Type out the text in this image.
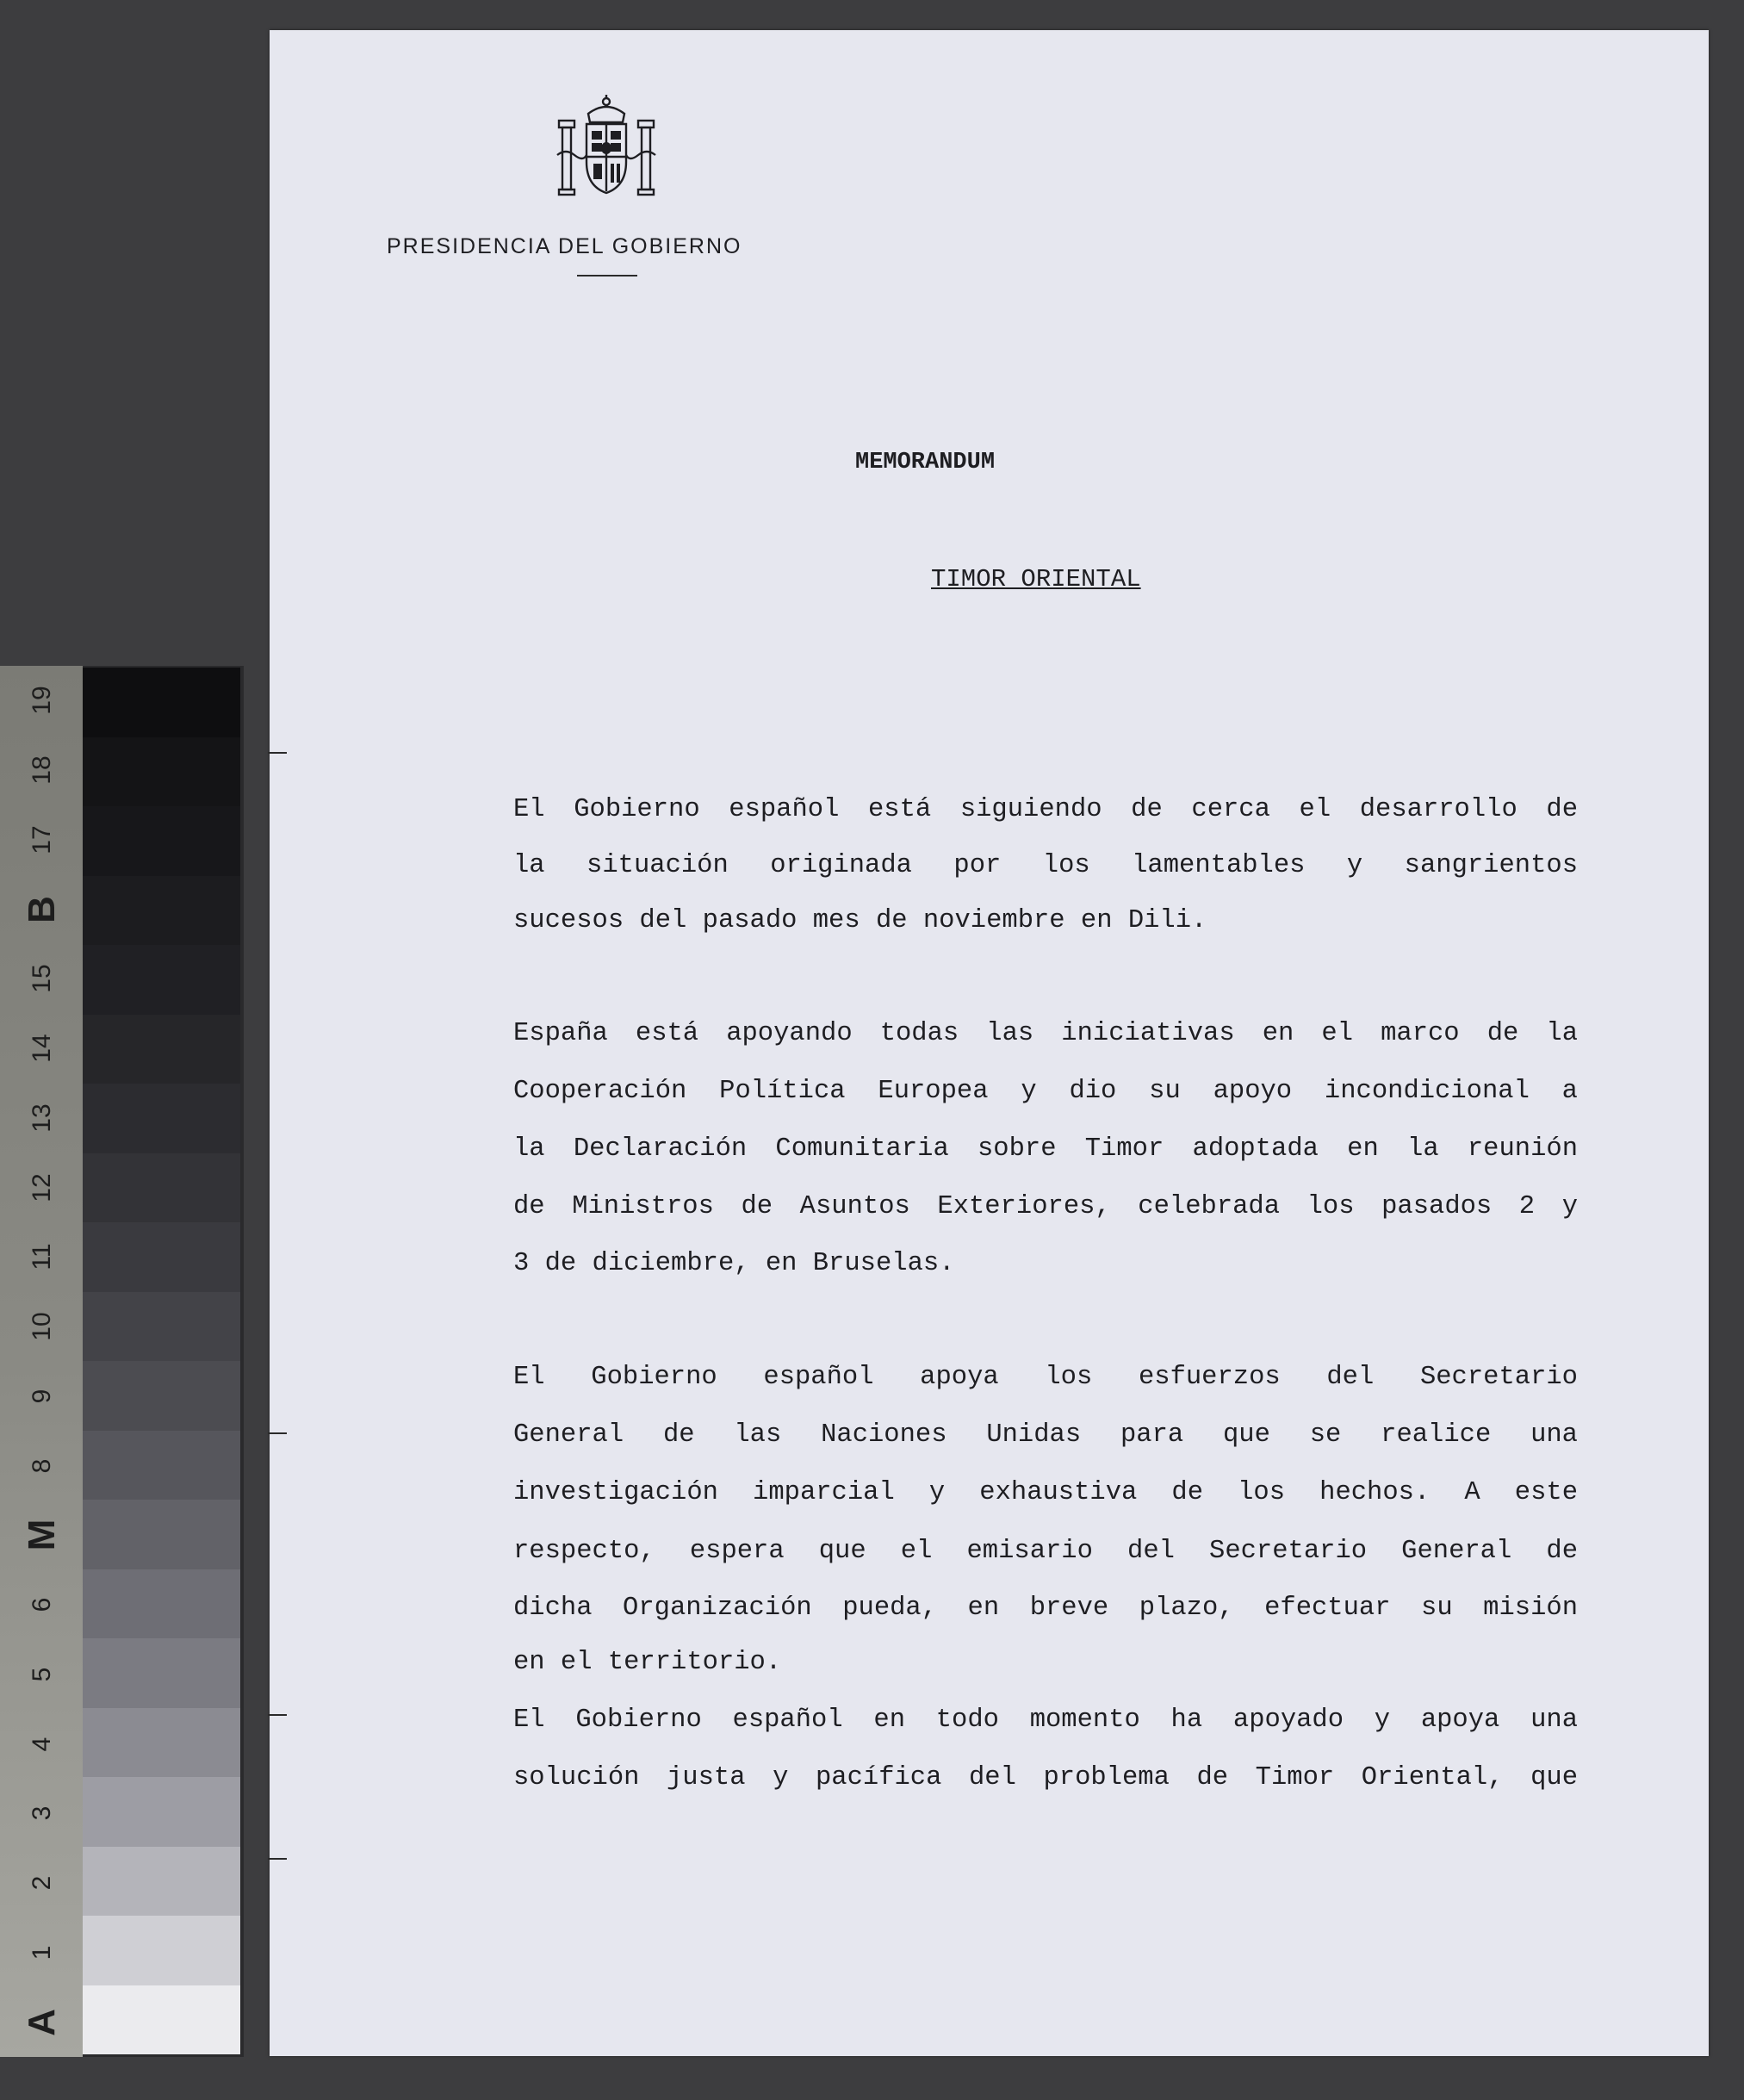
19
18
17
B
15
14
13
12
11
10
9
8
M
6
5
4
3
2
1
A
PRESIDENCIA DEL GOBIERNO
MEMORANDUM
TIMOR ORIENTAL
El Gobierno español está siguiendo de cerca el desarrollo de
la situación originada por los lamentables y sangrientos
sucesos del pasado mes de noviembre en Dili.
España está apoyando todas las iniciativas en el marco de la
Cooperación Política Europea y dio su apoyo incondicional a
la Declaración Comunitaria sobre Timor adoptada en la reunión
de Ministros de Asuntos Exteriores, celebrada los pasados 2 y
3 de diciembre, en Bruselas.
El Gobierno español apoya los esfuerzos del Secretario
General de las Naciones Unidas para que se realice una
investigación imparcial y exhaustiva de los hechos. A este
respecto, espera que el emisario del Secretario General de
dicha Organización pueda, en breve plazo, efectuar su misión
en el territorio.
El Gobierno español en todo momento ha apoyado y apoya una
solución justa y pacífica del problema de Timor Oriental, que
